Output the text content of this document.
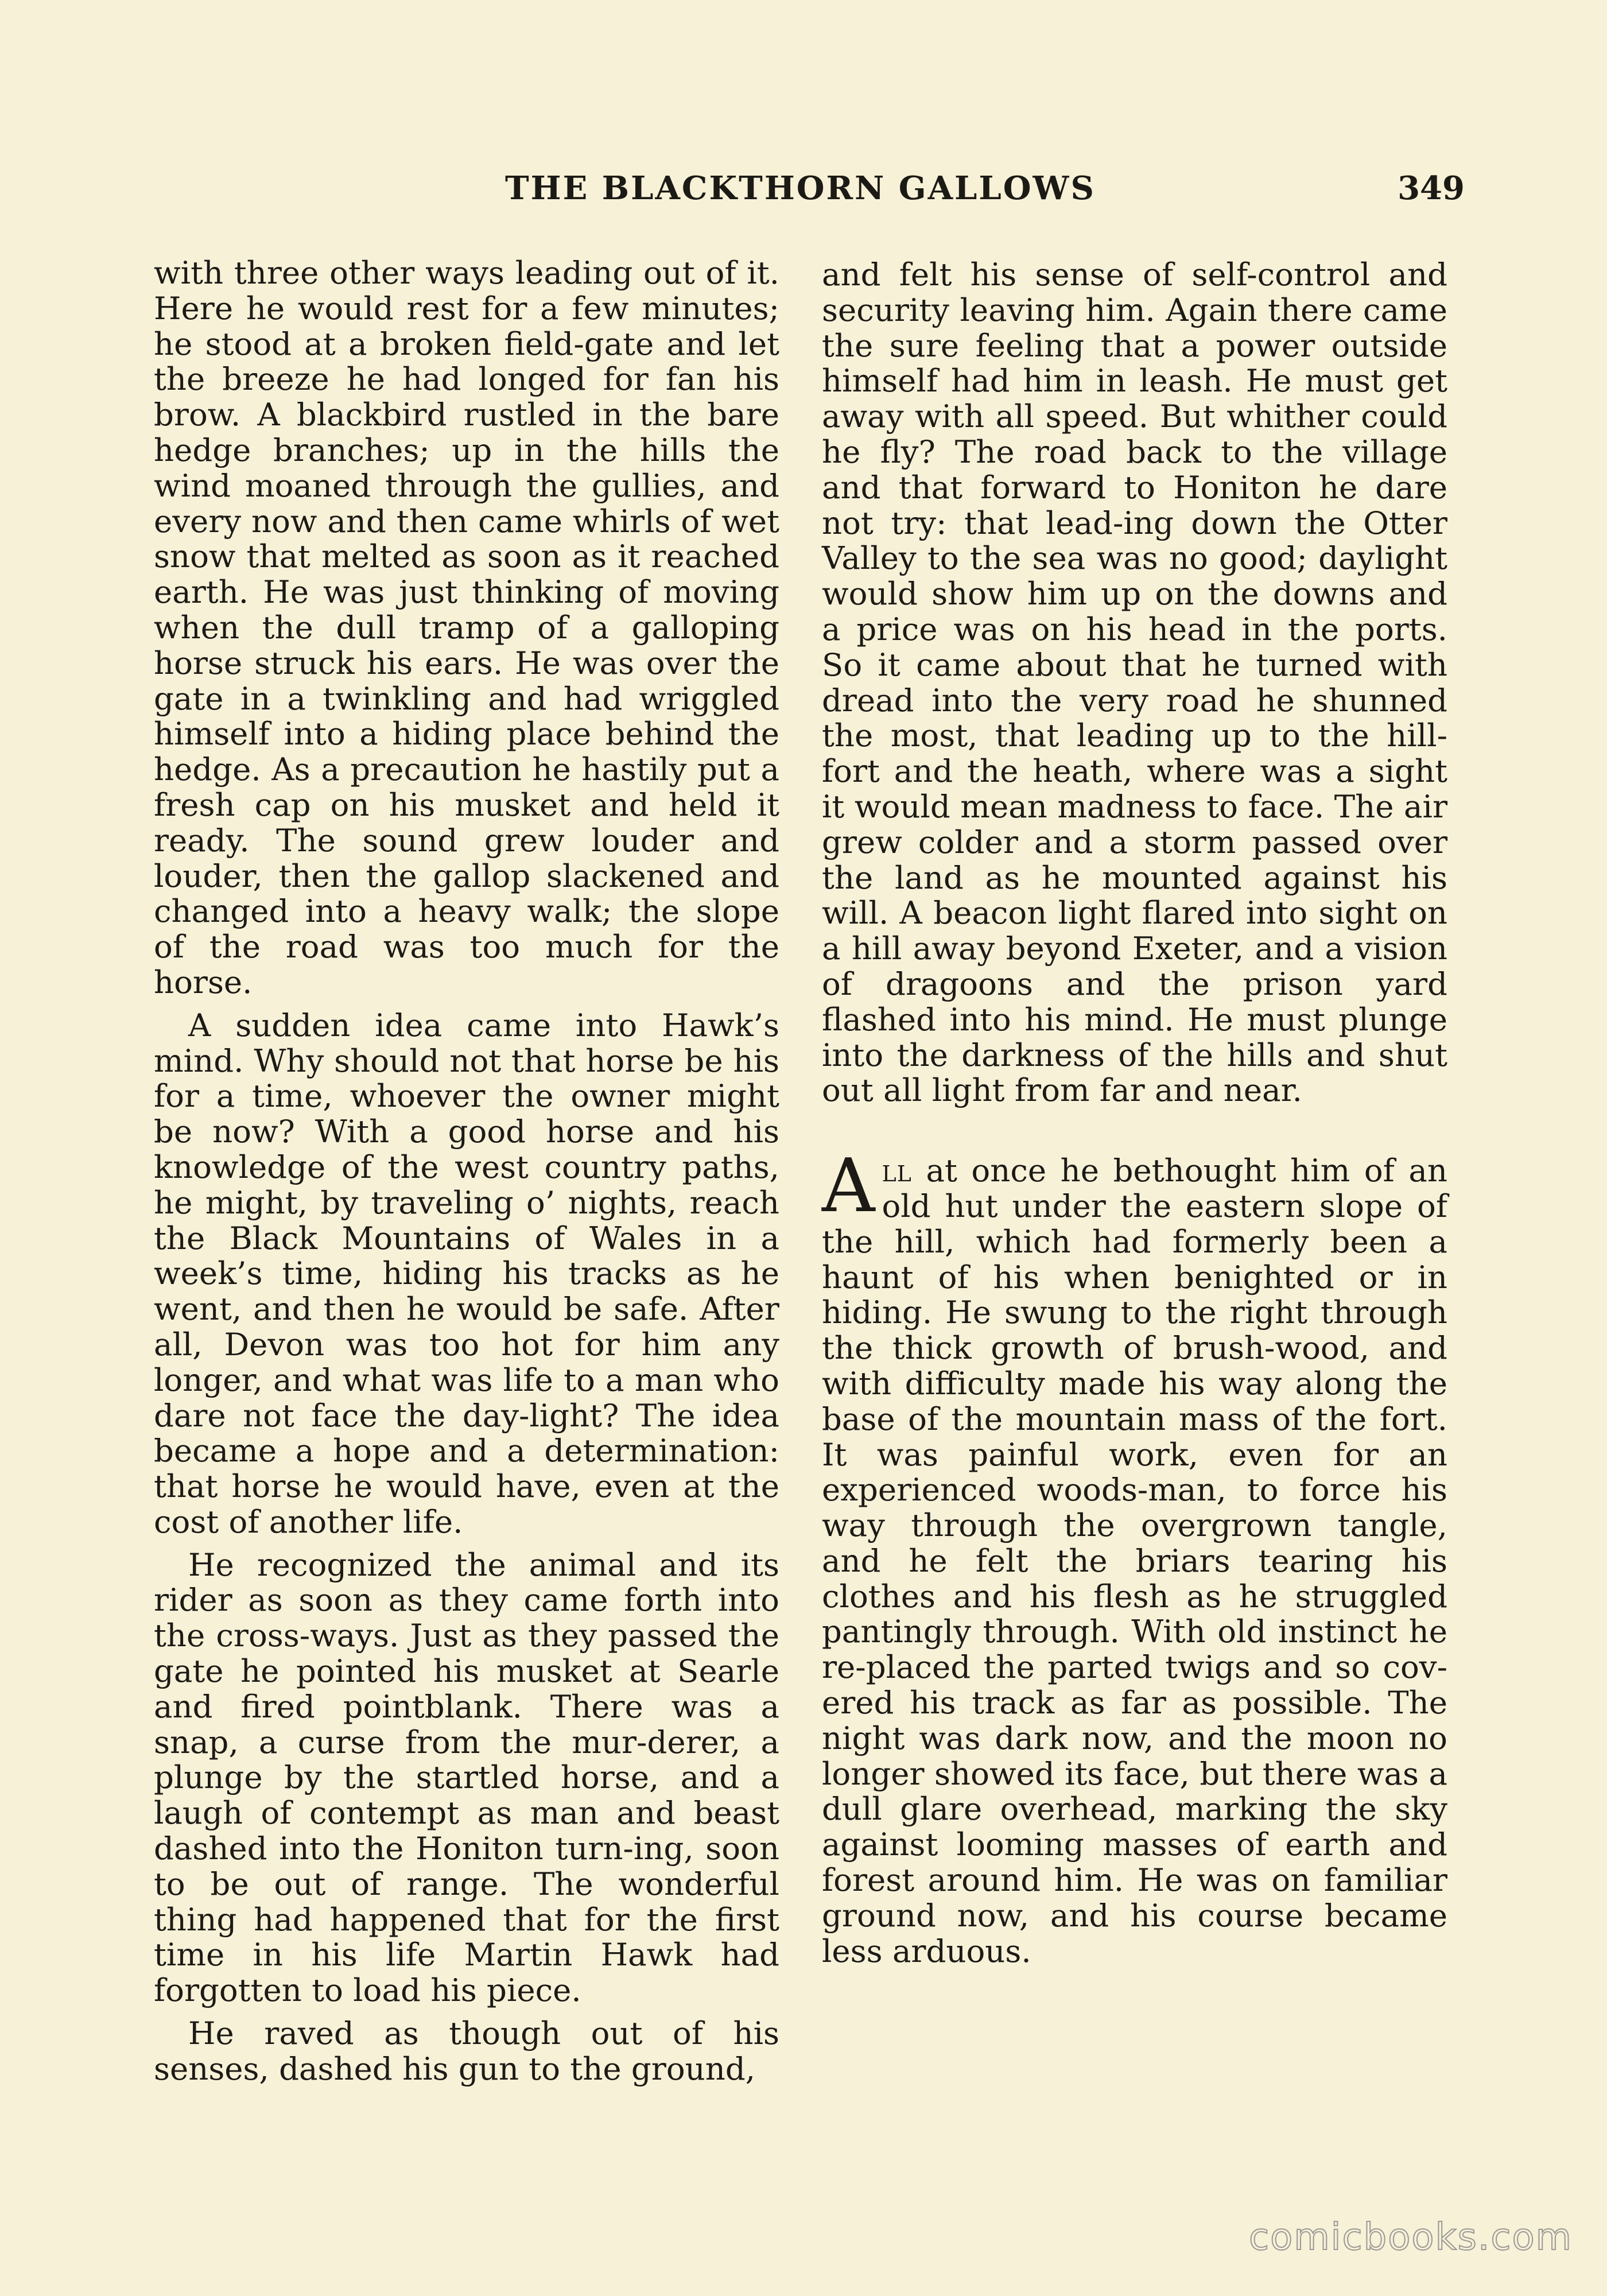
THE BLACKTHORN GALLOWS	349

with three other ways leading out of it. Here he would rest for a few minutes; he stood at a broken field-gate and let the breeze he had longed for fan his brow. A blackbird rustled in the bare hedge branches; up in the hills the wind moaned through the gullies, and every now and then came whirls of wet snow that melted as soon as it reached earth. He was just thinking of moving when the dull tramp of a galloping horse struck his ears. He was over the gate in a twinkling and had wriggled himself into a hiding place behind the hedge. As a precaution he hastily put a fresh cap on his musket and held it ready. The sound grew louder and louder, then the gallop slackened and changed into a heavy walk; the slope of the road was too much for the horse.

A sudden idea came into Hawk’s mind. Why should not that horse be his for a time, whoever the owner might be now? With a good horse and his knowledge of the west country paths, he might, by traveling o’ nights, reach the Black Mountains of Wales in a week’s time, hiding his tracks as he went, and then he would be safe. After all, Devon was too hot for him any longer, and what was life to a man who dare not face the day-light? The idea became a hope and a determination: that horse he would have, even at the cost of another life.

He recognized the animal and its rider as soon as they came forth into the cross-ways. Just as they passed the gate he pointed his musket at Searle and fired pointblank. There was a snap, a curse from the mur-derer, a plunge by the startled horse, and a laugh of contempt as man and beast dashed into the Honiton turn-ing, soon to be out of range. The wonderful thing had happened that for the first time in his life Martin Hawk had forgotten to load his piece.

He raved as though out of his senses, dashed his gun to the ground,

and felt his sense of self-control and security leaving him. Again there came the sure feeling that a power outside himself had him in leash. He must get away with all speed. But whither could he fly? The road back to the village and that forward to Honiton he dare not try: that lead-ing down the Otter Valley to the sea was no good; daylight would show him up on the downs and a price was on his head in the ports. So it came about that he turned with dread into the very road he shunned the most, that leading up to the hill-fort and the heath, where was a sight it would mean madness to face. The air grew colder and a storm passed over the land as he mounted against his will. A beacon light flared into sight on a hill away beyond Exeter, and a vision of dragoons and the prison yard flashed into his mind. He must plunge into the darkness of the hills and shut out all light from far and near.

All at once he bethought him of an old hut under the eastern slope of the hill, which had formerly been a haunt of his when benighted or in hiding. He swung to the right through the thick growth of brush-wood, and with difficulty made his way along the base of the mountain mass of the fort. It was painful work, even for an experienced woods-man, to force his way through the overgrown tangle, and he felt the briars tearing his clothes and his flesh as he struggled pantingly through. With old instinct he re-placed the parted twigs and so cov-ered his track as far as possible. The night was dark now, and the moon no longer showed its face, but there was a dull glare overhead, marking the sky against looming masses of earth and forest around him. He was on familiar ground now, and his course became less arduous.

comicbooks.com
